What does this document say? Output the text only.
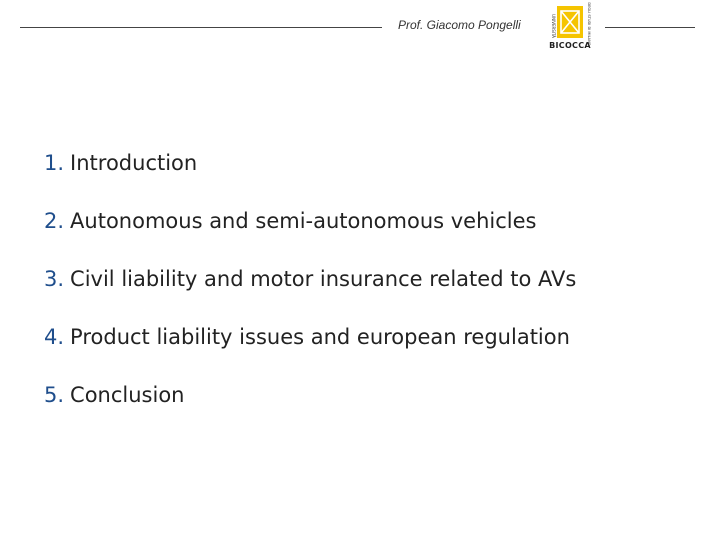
Prof. Giacomo Pongelli	UNIVERSITÀ	DEGLI STUDI DI MILANO
BICOCCA
1. Introduction
2. Autonomous and semi-autonomous vehicles
3. Civil liability and motor insurance related to AVs
4. Product liability issues and european regulation
5. Conclusion
